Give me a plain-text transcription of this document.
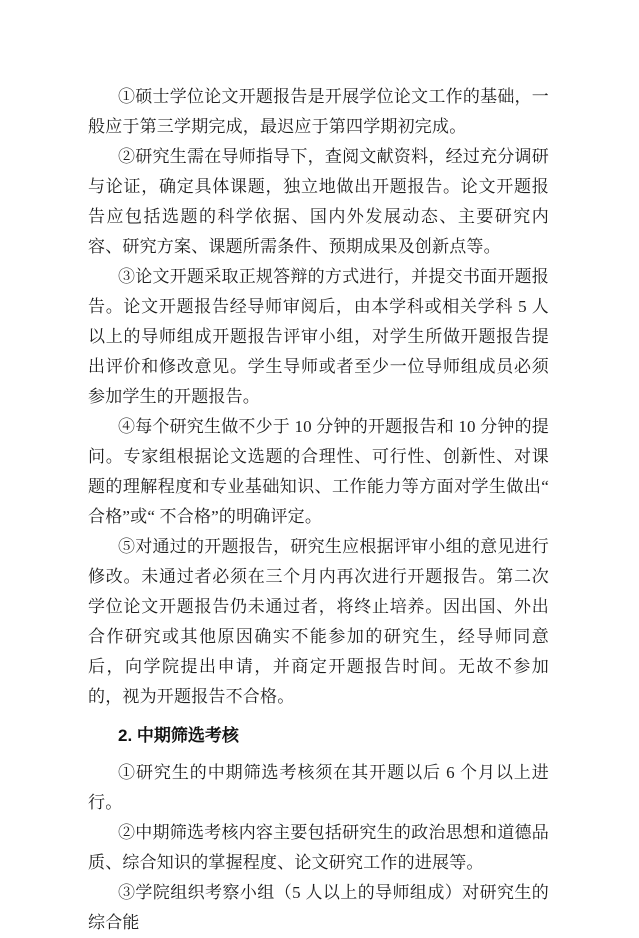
①硕士学位论文开题报告是开展学位论文工作的基础，一般应于第三学期完成，最迟应于第四学期初完成。

②研究生需在导师指导下，查阅文献资料，经过充分调研与论证，确定具体课题，独立地做出开题报告。论文开题报告应包括选题的科学依据、国内外发展动态、主要研究内容、研究方案、课题所需条件、预期成果及创新点等。

③论文开题采取正规答辩的方式进行，并提交书面开题报告。论文开题报告经导师审阅后，由本学科或相关学科 5 人以上的导师组成开题报告评审小组，对学生所做开题报告提出评价和修改意见。学生导师或者至少一位导师组成员必须参加学生的开题报告。

④每个研究生做不少于 10 分钟的开题报告和 10 分钟的提问。专家组根据论文选题的合理性、可行性、创新性、对课题的理解程度和专业基础知识、工作能力等方面对学生做出“ 合格”或“ 不合格”的明确评定。

⑤对通过的开题报告，研究生应根据评审小组的意见进行修改。未通过者必须在三个月内再次进行开题报告。第二次学位论文开题报告仍未通过者，将终止培养。因出国、外出合作研究或其他原因确实不能参加的研究生，经导师同意后，向学院提出申请，并商定开题报告时间。无故不参加的，视为开题报告不合格。

2. 中期筛选考核

①研究生的中期筛选考核须在其开题以后 6 个月以上进行。

②中期筛选考核内容主要包括研究生的政治思想和道德品质、综合知识的掌握程度、论文研究工作的进展等。

③学院组织考察小组（5 人以上的导师组成）对研究生的综合能
